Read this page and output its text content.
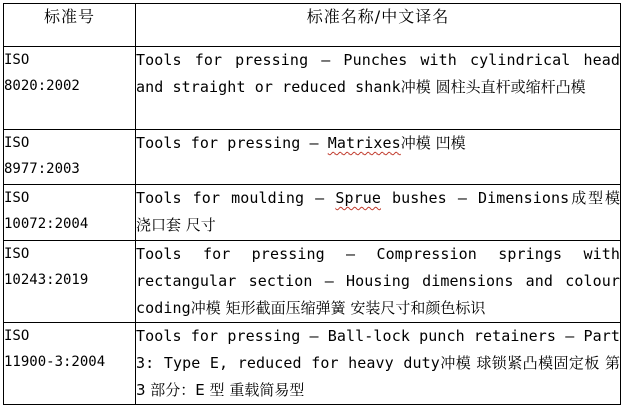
标准号	标准名称/中文译名

ISO
8020:2002	Tools for pressing — Punches with cylindrical head and straight or reduced shank冲模 圆柱头直杆或缩杆凸模

ISO
8977:2003	Tools for pressing — Matrixes冲模 凹模

ISO
10072:2004	Tools for moulding — Sprue bushes — Dimensions成型模 浇口套 尺寸

ISO
10243:2019	Tools for pressing — Compression springs with rectangular section — Housing dimensions and colour coding冲模 矩形截面压缩弹簧 安装尺寸和颜色标识

ISO
11900-3:2004	Tools for pressing — Ball-lock punch retainers — Part 3: Type E, reduced for heavy duty冲模 球锁紧凸模固定板 第 3 部分：E 型 重载简易型
